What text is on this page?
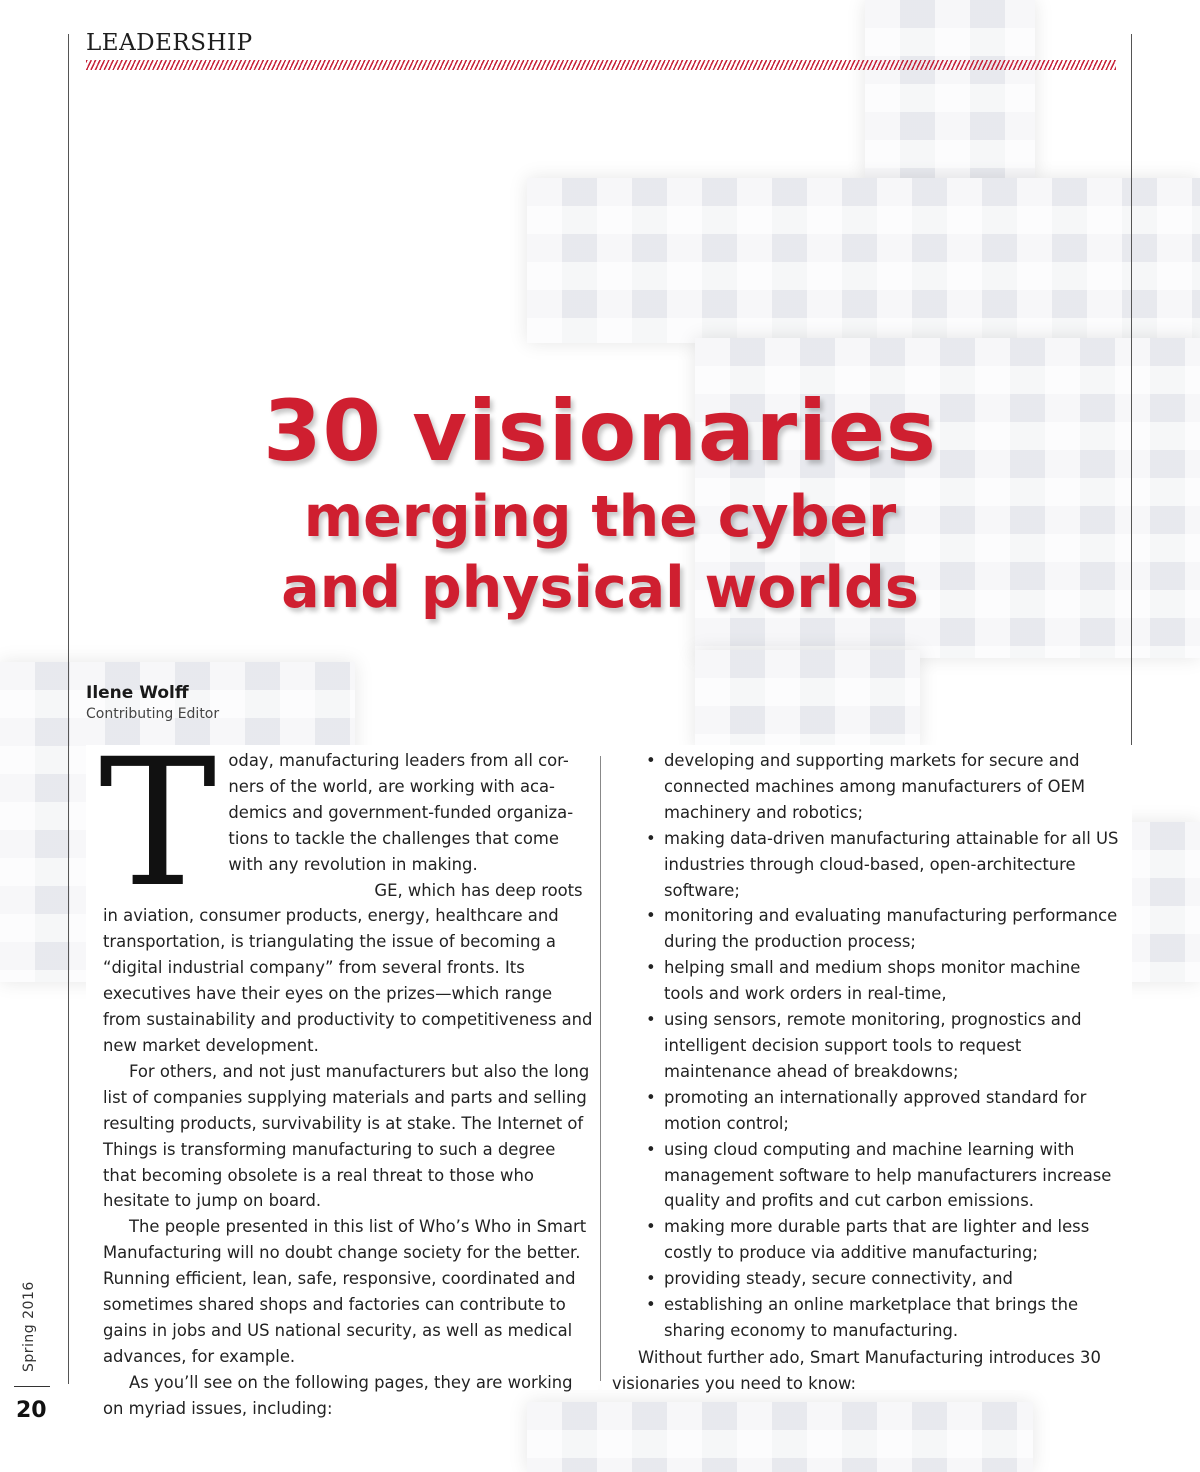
LEADERSHIP
30 visionaries
merging the cyber
and physical worlds
Ilene Wolff
Contributing Editor
T oday, manufacturing leaders from all cor-
ners of the world, are working with aca-
demics and government-funded organiza-
tions to tackle the challenges that come
with any revolution in making.

GE, which has deep roots in aviation, consumer products, energy, healthcare and transportation, is triangulating the issue of becoming a “digital industrial company” from several fronts. Its executives have their eyes on the prizes—which range from sustainability and productivity to competitiveness and new market development.

For others, and not just manufacturers but also the long list of companies supplying materials and parts and selling resulting products, survivability is at stake. The Internet of Things is transforming manufacturing to such a degree that becoming obsolete is a real threat to those who hesitate to jump on board.

The people presented in this list of Who’s Who in Smart Manufacturing will no doubt change society for the better. Running efficient, lean, safe, responsive, coordinated and sometimes shared shops and factories can contribute to gains in jobs and US national security, as well as medical advances, for example.

As you’ll see on the following pages, they are working on myriad issues, including:

• developing and supporting markets for secure and connected machines among manufacturers of OEM machinery and robotics;
• making data-driven manufacturing attainable for all US industries through cloud-based, open-architecture software;
• monitoring and evaluating manufacturing performance during the production process;
• helping small and medium shops monitor machine tools and work orders in real-time,
• using sensors, remote monitoring, prognostics and intelligent decision support tools to request maintenance ahead of breakdowns;
• promoting an internationally approved standard for motion control;
• using cloud computing and machine learning with management software to help manufacturers increase quality and profits and cut carbon emissions.
• making more durable parts that are lighter and less costly to produce via additive manufacturing;
• providing steady, secure connectivity, and
• establishing an online marketplace that brings the sharing economy to manufacturing.

Without further ado, Smart Manufacturing introduces 30 visionaries you need to know:

Spring 2016
20
